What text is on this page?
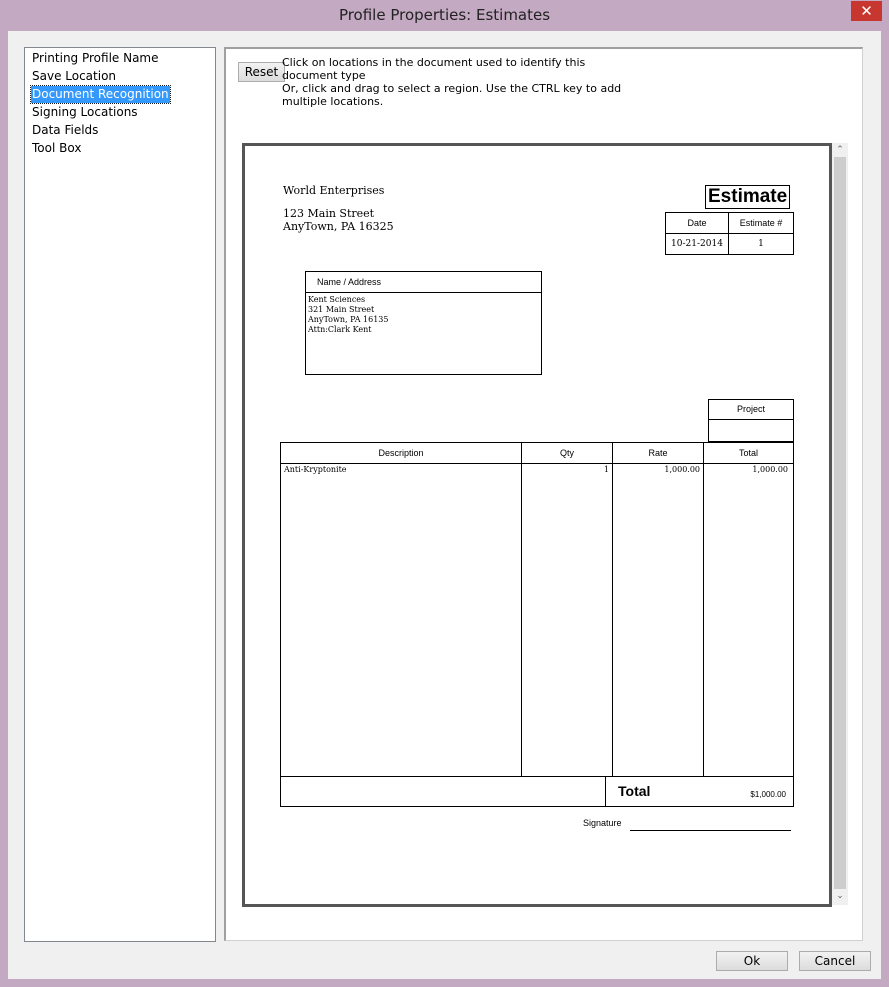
Profile Properties: Estimates	✕
Printing Profile Name
Save Location
Document Recognition
Signing Locations
Data Fields
Tool Box
Ok	Cancel
Reset
Click on locations in the document used to identify this document type
Or, click and drag to select a region. Use the CTRL key to add
multiple locations.
World Enterprises
123 Main Street
AnyTown, PA 16325
Estimate
Date	Estimate #
10-21-2014	1
Name / Address
Kent Sciences
321 Main Street
AnyTown, PA 16135
Attn:Clark Kent
Project
Description	Qty	Rate	Total
Anti-Kryptonite	1	1,000.00	1,000.00
Total	$1,000.00
Signature
⌃
⌄
